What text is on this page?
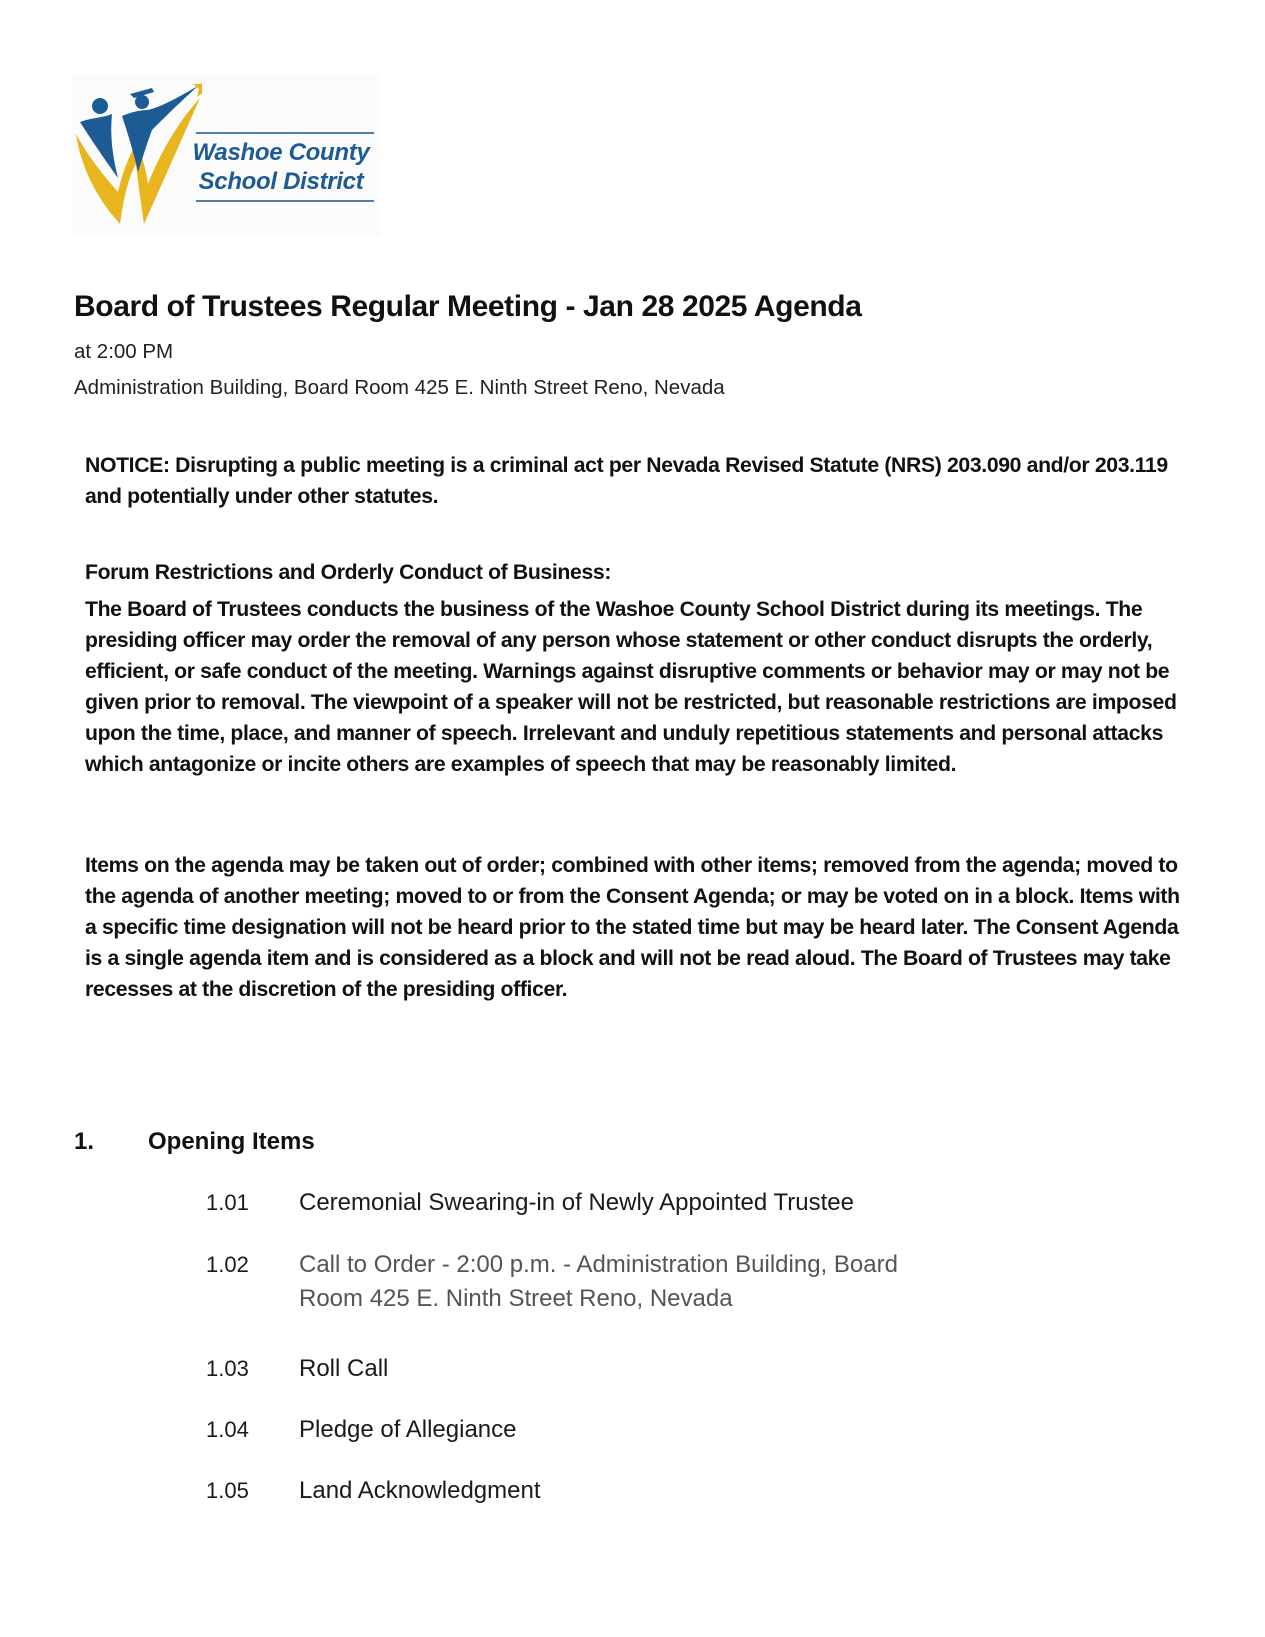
Washoe County
School District
Board of Trustees Regular Meeting - Jan 28 2025 Agenda
at 2:00 PM
Administration Building, Board Room 425 E. Ninth Street Reno, Nevada

NOTICE: Disrupting a public meeting is a criminal act per Nevada Revised Statute (NRS) 203.090 and/or 203.119 and potentially under other statutes.

Forum Restrictions and Orderly Conduct of Business:

The Board of Trustees conducts the business of the Washoe County School District during its meetings. The presiding officer may order the removal of any person whose statement or other conduct disrupts the orderly, efficient, or safe conduct of the meeting. Warnings against disruptive comments or behavior may or may not be given prior to removal. The viewpoint of a speaker will not be restricted, but reasonable restrictions are imposed upon the time, place, and manner of speech. Irrelevant and unduly repetitious statements and personal attacks which antagonize or incite others are examples of speech that may be reasonably limited.

Items on the agenda may be taken out of order; combined with other items; removed from the agenda; moved to the agenda of another meeting; moved to or from the Consent Agenda; or may be voted on in a block. Items with a specific time designation will not be heard prior to the stated time but may be heard later. The Consent Agenda is a single agenda item and is considered as a block and will not be read aloud. The Board of Trustees may take recesses at the discretion of the presiding officer.

1. Opening Items
1.01 Ceremonial Swearing-in of Newly Appointed Trustee
1.02 Call to Order - 2:00 p.m. - Administration Building, Board Room 425 E. Ninth Street Reno, Nevada
1.03 Roll Call
1.04 Pledge of Allegiance
1.05 Land Acknowledgment
